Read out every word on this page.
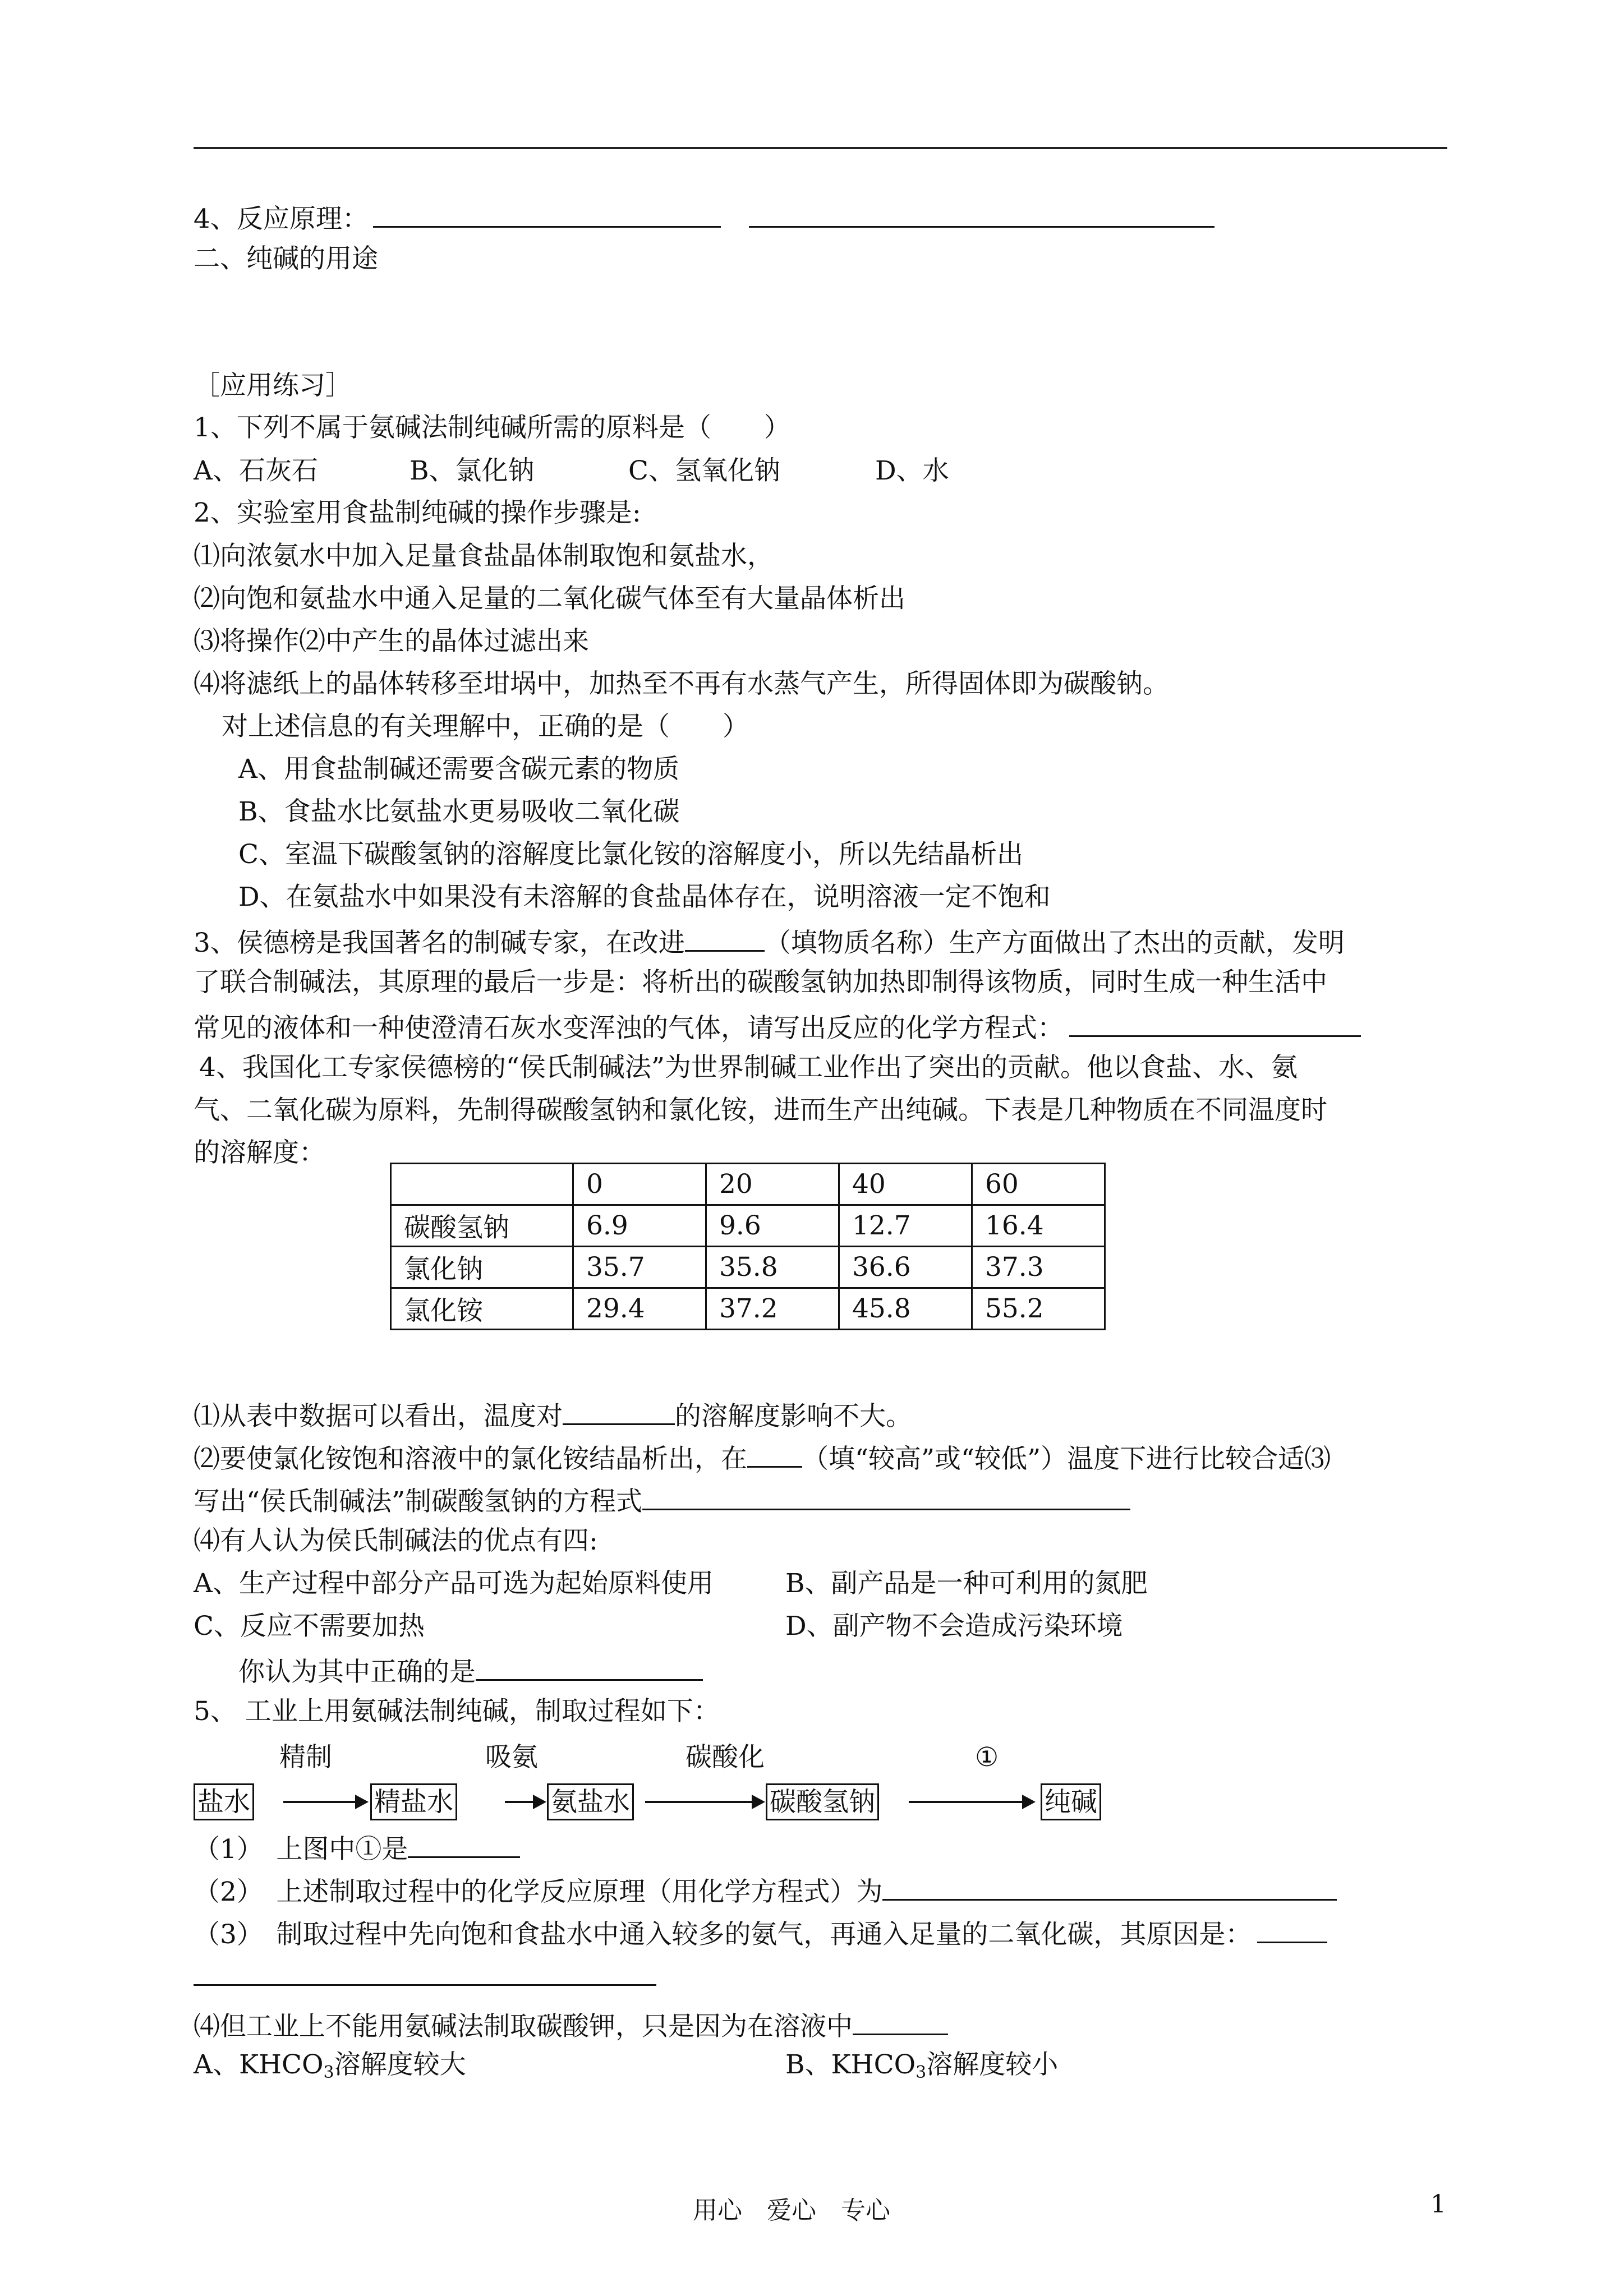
4、反应原理：
二、纯碱的用途
［应用练习］
1、下列不属于氨碱法制纯碱所需的原料是（　　）
A、石灰石	B、氯化钠	C、氢氧化钠	D、水
2、实验室用食盐制纯碱的操作步骤是:
⑴向浓氨水中加入足量食盐晶体制取饱和氨盐水，
⑵向饱和氨盐水中通入足量的二氧化碳气体至有大量晶体析出
⑶将操作⑵中产生的晶体过滤出来
⑷将滤纸上的晶体转移至坩埚中，加热至不再有水蒸气产生，所得固体即为碳酸钠。
对上述信息的有关理解中，正确的是（　　）
A、用食盐制碱还需要含碳元素的物质
B、食盐水比氨盐水更易吸收二氧化碳
C、室温下碳酸氢钠的溶解度比氯化铵的溶解度小，所以先结晶析出
D、在氨盐水中如果没有未溶解的食盐晶体存在，说明溶液一定不饱和
3、侯德榜是我国著名的制碱专家，在改进	（填物质名称）生产方面做出了杰出的贡献，发明
了联合制碱法，其原理的最后一步是：将析出的碳酸氢钠加热即制得该物质，同时生成一种生活中
常见的液体和一种使澄清石灰水变浑浊的气体，请写出反应的化学方程式：
4、我国化工专家侯德榜的“侯氏制碱法”为世界制碱工业作出了突出的贡献。他以食盐、水、氨
气、二氧化碳为原料，先制得碳酸氢钠和氯化铵，进而生产出纯碱。下表是几种物质在不同温度时
的溶解度：
	0	20	40	60
碳酸氢钠	6.9	9.6	12.7	16.4
氯化钠	35.7	35.8	36.6	37.3
氯化铵	29.4	37.2	45.8	55.2
⑴从表中数据可以看出，温度对	的溶解度影响不大。
⑵要使氯化铵饱和溶液中的氯化铵结晶析出，在 （填“较高”或“较低”）温度下进行比较合适⑶
写出“侯氏制碱法”制碳酸氢钠的方程式
⑷有人认为侯氏制碱法的优点有四:
A、生产过程中部分产品可选为起始原料使用	B、副产品是一种可利用的氮肥
C、反应不需要加热	D、副产物不会造成污染环境
你认为其中正确的是
5、 工业上用氨碱法制纯碱，制取过程如下：
精制	吸氨	碳酸化	①
盐水	精盐水	氨盐水	碳酸氢钠	纯碱
（1）　上图中①是
（2）　上述制取过程中的化学反应原理（用化学方程式）为
（3）　制取过程中先向饱和食盐水中通入较多的氨气，再通入足量的二氧化碳，其原因是：
⑷但工业上不能用氨碱法制取碳酸钾，只是因为在溶液中
A、$KHCO_3$溶解度较大	B、$KHCO_3$溶解度较小
用心　爱心　专心	1
